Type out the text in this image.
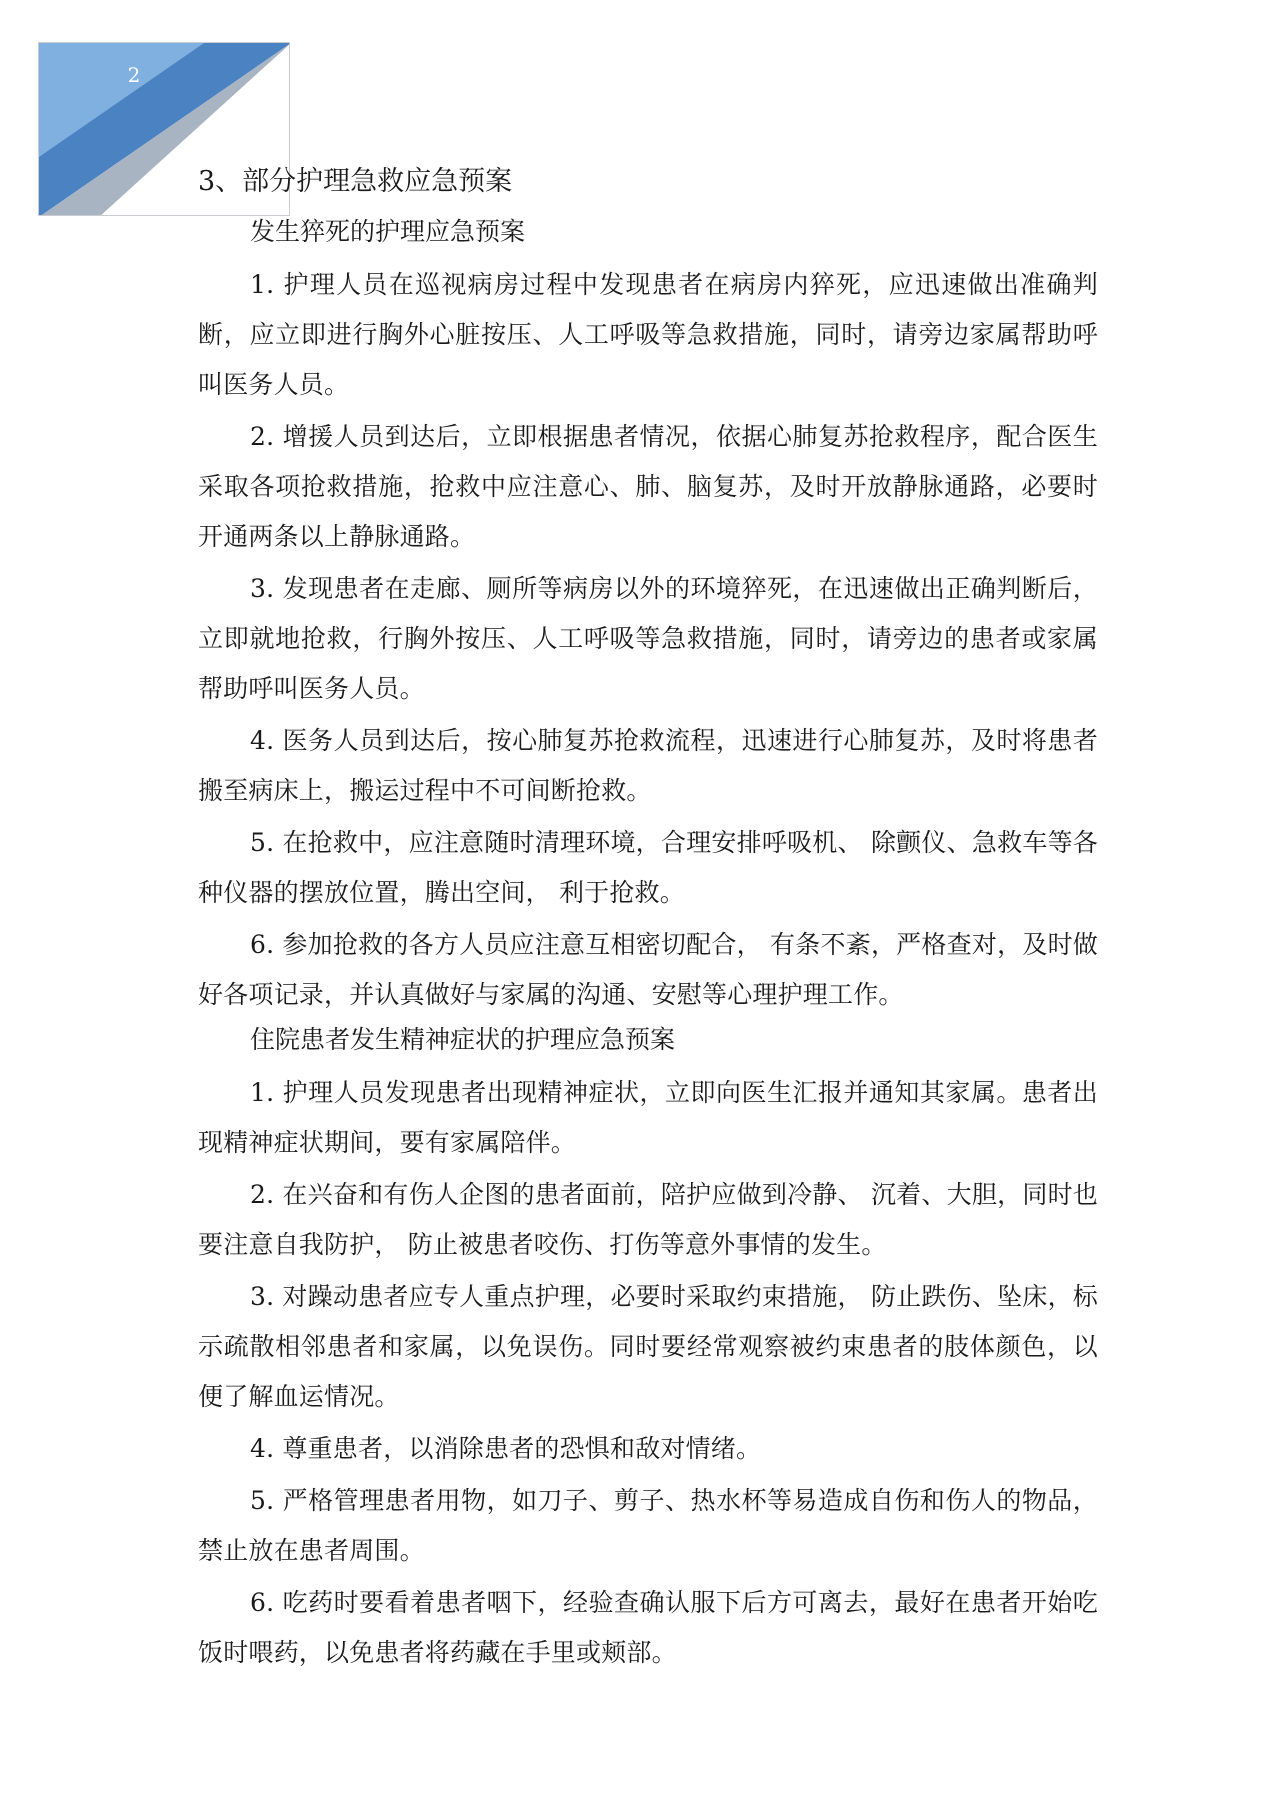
2
3、部分护理急救应急预案

发生猝死的护理应急预案

1. 护理人员在巡视病房过程中发现患者在病房内猝死，应迅速做出准确判断，应立即进行胸外心脏按压、人工呼吸等急救措施，同时，请旁边家属帮助呼叫医务人员。

2. 增援人员到达后，立即根据患者情况，依据心肺复苏抢救程序，配合医生采取各项抢救措施，抢救中应注意心、肺、脑复苏，及时开放静脉通路，必要时开通两条以上静脉通路。

3. 发现患者在走廊、厕所等病房以外的环境猝死，在迅速做出正确判断后，立即就地抢救，行胸外按压、人工呼吸等急救措施，同时，请旁边的患者或家属帮助呼叫医务人员。

4. 医务人员到达后，按心肺复苏抢救流程，迅速进行心肺复苏，及时将患者搬至病床上，搬运过程中不可间断抢救。

5. 在抢救中，应注意随时清理环境，合理安排呼吸机、 除颤仪、急救车等各种仪器的摆放位置，腾出空间， 利于抢救。

6. 参加抢救的各方人员应注意互相密切配合， 有条不紊，严格查对，及时做好各项记录，并认真做好与家属的沟通、安慰等心理护理工作。

住院患者发生精神症状的护理应急预案

1. 护理人员发现患者出现精神症状，立即向医生汇报并通知其家属。患者出现精神症状期间，要有家属陪伴。

2. 在兴奋和有伤人企图的患者面前，陪护应做到冷静、 沉着、大胆，同时也要注意自我防护， 防止被患者咬伤、打伤等意外事情的发生。

3. 对躁动患者应专人重点护理，必要时采取约束措施， 防止跌伤、坠床，标示疏散相邻患者和家属，以免误伤。同时要经常观察被约束患者的肢体颜色，以便了解血运情况。

4. 尊重患者，以消除患者的恐惧和敌对情绪。

5. 严格管理患者用物，如刀子、剪子、热水杯等易造成自伤和伤人的物品，禁止放在患者周围。

6. 吃药时要看着患者咽下，经验查确认服下后方可离去，最好在患者开始吃饭时喂药，以免患者将药藏在手里或颊部。
